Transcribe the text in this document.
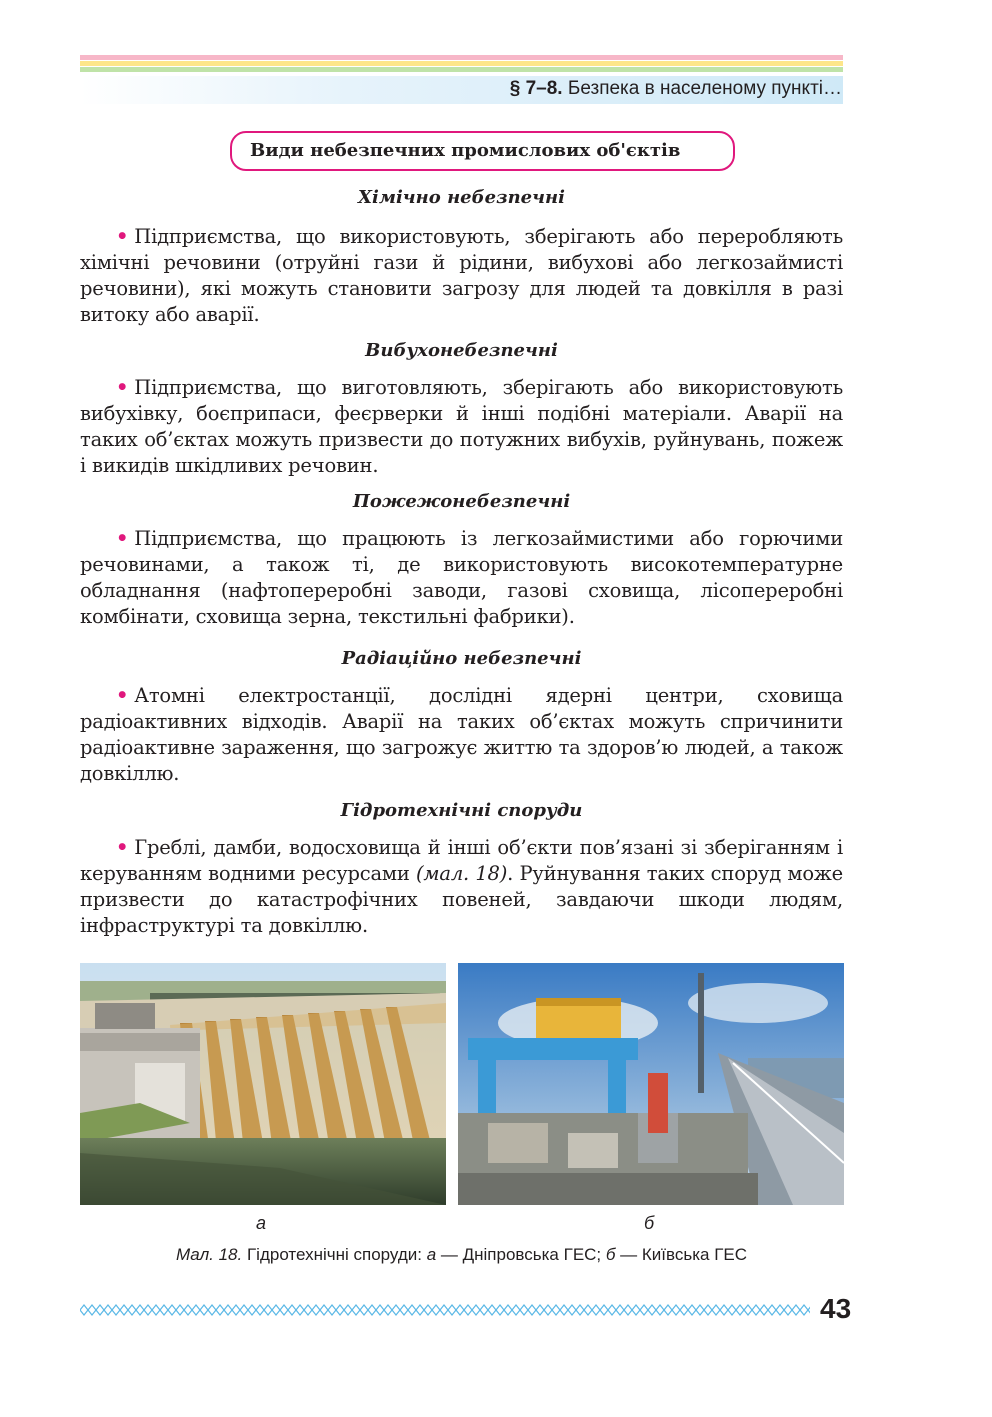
§ 7–8. Безпека в населеному пункті…
Види небезпечних промислових об'єктів
Хімічно небезпечні

• Підприємства, що використовують, зберігають або переробляють хімічні речовини (отруйні гази й рідини, вибухові або легкозаймисті речовини), які можуть становити загрозу для людей та довкілля в разі витоку або аварії.

Вибухонебезпечні

• Підприємства, що виготовляють, зберігають або використовують вибухівку, боєприпаси, феєрверки й інші подібні матеріали. Аварії на таких об’єктах можуть призвести до потужних вибухів, руйнувань, пожеж і викидів шкідливих речовин.

Пожежонебезпечні

• Підприємства, що працюють із легкозаймистими або горючими речовинами, а також ті, де використовують високотемпературне обладнання (нафтопереробні заводи, газові сховища, лісопереробні комбінати, сховища зерна, текстильні фабрики).

Радіаційно небезпечні

• Атомні електростанції, дослідні ядерні центри, сховища радіоактивних відходів. Аварії на таких об’єктах можуть спричинити радіоактивне зараження, що загрожує життю та здоров’ю людей, а також довкіллю.

Гідротехнічні споруди

• Греблі, дамби, водосховища й інші об’єкти пов’язані зі зберіганням і керуванням водними ресурсами (мал. 18). Руйнування таких споруд може призвести до катастрофічних повеней, завдаючи шкоди людям, інфраструктурі та довкіллю.

а	б
Мал. 18. Гідротехнічні споруди: а — Дніпровська ГЕС; б — Київська ГЕС
43
